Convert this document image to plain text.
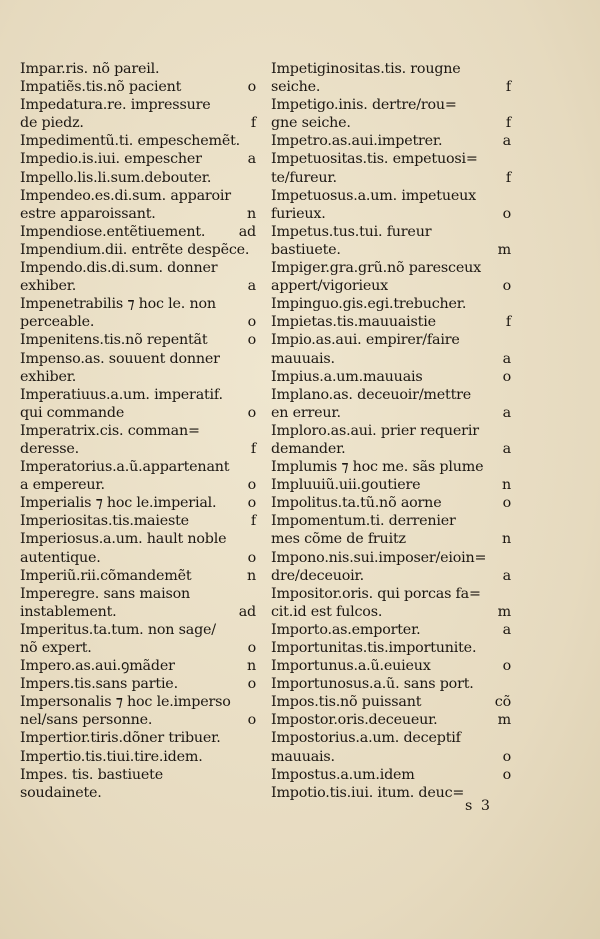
Impar.ris. nõ pareil.
Impatiẽs.tis.nõ pacient	o
Impedatura.re. impressure
de piedz.	f
Impedimentũ.ti. empeschemẽt.
Impedio.is.iui. empescher	a
Impello.lis.li.sum.debouter.
Impendeo.es.di.sum. apparoir
estre apparoissant.	n
Impendiose.entẽtiuement.	ad
Impendium.dii. entrẽte despẽce.
Impendo.dis.di.sum. donner
exhiber.	a
Impenetrabilis ⁊ hoc le. non
perceable.	o
Impenitens.tis.nõ repentãt	o
Impenso.as. souuent donner
exhiber.
Imperatiuus.a.um. imperatif.
qui commande	o
Imperatrix.cis. comman=
deresse.	f
Imperatorius.a.ũ.appartenant
a empereur.	o
Imperialis ⁊ hoc le.imperial.	o
Imperiositas.tis.maieste	f
Imperiosus.a.um. hault noble
autentique.	o
Imperiũ.rii.cõmandemẽt	n
Imperegre. sans maison
instablement.	ad
Imperitus.ta.tum. non sage/
nõ expert.	o
Impero.as.aui.ꝯmãder	n
Impers.tis.sans partie.	o
Impersonalis ⁊ hoc le.imperso
nel/sans personne.	o
Impertior.tiris.dõner tribuer.
Impertio.tis.tiui.tire.idem.
Impes. tis. bastiuete
soudainete.
Impetiginositas.tis. rougne
seiche.	f
Impetigo.inis. dertre/rou=
gne seiche.	f
Impetro.as.aui.impetrer.	a
Impetuositas.tis. empetuosi=
te/fureur.	f
Impetuosus.a.um. impetueux
furieux.	o
Impetus.tus.tui. fureur
bastiuete.	m
Impiger.gra.grũ.nõ paresceux
appert/vigorieux	o
Impinguo.gis.egi.trebucher.
Impietas.tis.mauuaistie	f
Impio.as.aui. empirer/faire
mauuais.	a
Impius.a.um.mauuais	o
Implano.as. deceuoir/mettre
en erreur.	a
Imploro.as.aui. prier requerir
demander.	a
Implumis ⁊ hoc me. sãs plume
Impluuiũ.uii.goutiere	n
Impolitus.ta.tũ.nõ aorne	o
Impomentum.ti. derrenier
mes cõme de fruitz	n
Impono.nis.sui.imposer/eioin=
dre/deceuoir.	a
Impositor.oris. qui porcas fa=
cit.id est fulcos.	m
Importo.as.emporter.	a
Importunitas.tis.importunite.
Importunus.a.ũ.euieux	o
Importunosus.a.ũ. sans port.
Impos.tis.nõ puissant	cõ
Impostor.oris.deceueur.	m
Impostorius.a.um. deceptif
mauuais.	o
Impostus.a.um.idem	o
Impotio.tis.iui. itum. deuc=
s 3
